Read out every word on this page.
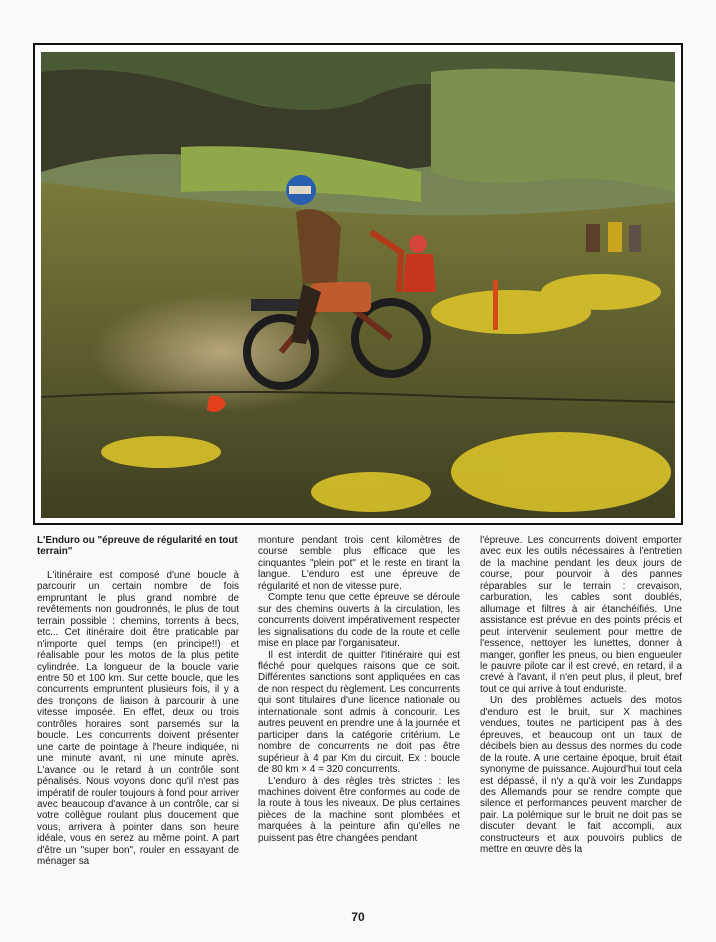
L'Enduro ou "épreuve de régularité en tout terrain"

L'itinéraire est composé d'une boucle à parcourir un certain nombre de fois empruntant le plus grand nombre de revêtements non goudronnés, le plus de tout terrain possible : chemins, torrents à becs, etc... Cet itinéraire doit être praticable par n'importe quel temps (en principe!!) et réalisable pour les motos de la plus petite cylindrée. La longueur de la boucle varie entre 50 et 100 km. Sur cette boucle, que les concurrents empruntent plusieurs fois, il y a des tronçons de liaison à parcourir à une vitesse imposée. En effet, deux ou trois contrôles horaires sont parsemés sur la boucle. Les concurrents doivent présenter une carte de pointage à l'heure indiquée, ni une minute avant, ni une minute après. L'avance ou le retard à un contrôle sont pénalisés. Nous voyons donc qu'il n'est pas impératif de rouler toujours à fond pour arriver avec beaucoup d'avance à un contrôle, car si votre collègue roulant plus doucement que vous, arrivera à pointer dans son heure idéale, vous en serez au même point. A part d'être un "super bon", rouler en essayant de ménager sa

monture pendant trois cent kilomètres de course semble plus efficace que les cinquantes "plein pot" et le reste en tirant la langue. L'enduro est une épreuve de régularité et non de vitesse pure.

Compte tenu que cette épreuve se déroule sur des chemins ouverts à la circulation, les concurrents doivent impérativement respecter les signalisations du code de la route et celle mise en place par l'organisateur.

Il est interdit de quitter l'itinéraire qui est fléché pour quelques raisons que ce soit. Différentes sanctions sont appliquées en cas de non respect du règlement. Les concurrents qui sont titulaires d'une licence nationale ou internationale sont admis à concourir. Les autres peuvent en prendre une à la journée et participer dans la catégorie critérium. Le nombre de concurrents ne doit pas être supérieur à 4 par Km du circuit. Ex : boucle de 80 km × 4 = 320 concurrents.

L'enduro à des règles très strictes : les machines doivent être conformes au code de la route à tous les niveaux. De plus certaines pièces de la machine sont plombées et marquées à la peinture afin qu'elles ne puissent pas être changées pendant

l'épreuve. Les concurrents doivent emporter avec eux les outils nécessaires à l'entretien de la machine pendant les deux jours de course, pour pourvoir à des pannes réparables sur le terrain : crevaison, carburation, les cables sont doublés, allumage et filtres à air étanchéifiés. Une assistance est prévue en des points précis et peut intervenir seulement pour mettre de l'essence, nettoyer les lunettes, donner à manger, gonfler les pneus, ou bien engueuler le pauvre pilote car il est crevé, en retard, il a crevé à l'avant, il n'en peut plus, il pleut, bref tout ce qui arrive à tout enduriste.

Un des problèmes actuels des motos d'enduro est le bruit, sur X machines vendues, toutes ne participent pas à des épreuves, et beaucoup ont un taux de décibels bien au dessus des normes du code de la route. A une certaine époque, bruit était synonyme de puissance. Aujourd'hui tout cela est dépassé, il n'y a qu'à voir les Zundapps des Allemands pour se rendre compte que silence et performances peuvent marcher de pair. La polémique sur le bruit ne doit pas se discuter devant le fait accompli, aux constructeurs et aux pouvoirs publics de mettre en œuvre dès la

70
